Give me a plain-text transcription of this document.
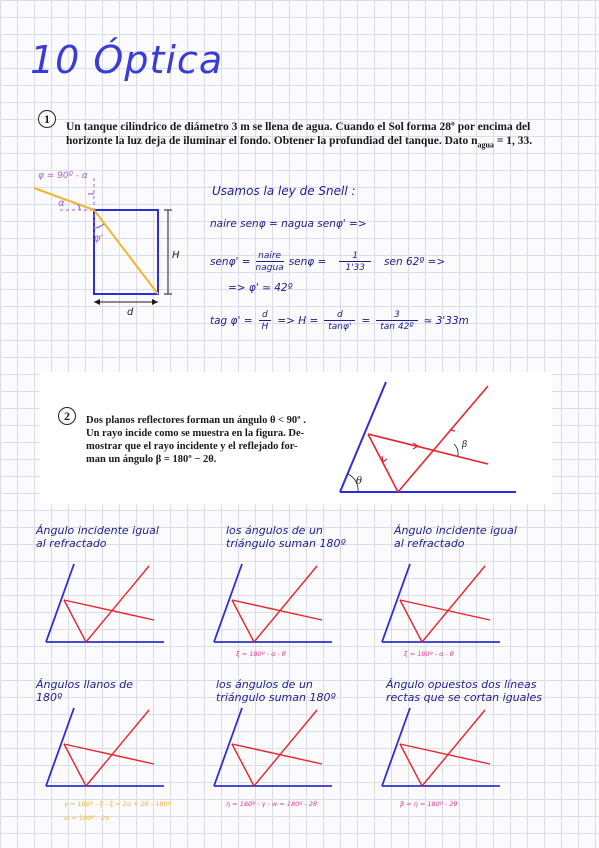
10 Óptica
1
Un tanque cilíndrico de diámetro 3 m se llena de agua. Cuando el Sol forma 28º por encima del
horizonte la luz deja de iluminar el fondo. Obtener la profundiad del tanque. Dato $n_{agua} = 1$, 33.
φ = 90º - α
α
φ'
H
d
Usamos la ley de Snell :
naire senφ = nagua senφ' =>
senφ' = naire
nagua $sen\varphi = \frac{1}{1'33}$ sen 62º =>
=> φ' ≃ 42º
tag $\varphi' = \frac{d}{H} => H = \frac{d}{\tan\varphi'} = \frac{3}{\text{tan 42º}}$ ≃ 3'33m
2	Dos planos reflectores forman un ángulo θ < 90º .
Un rayo incide como se muestra en la figura. De-
mostrar que el rayo incidente y el reflejado for-
man un ángulo β = 180º − 2θ.
θ
β
Ángulo incidente igual
al refractado
los ángulos de un
triángulo suman 180º
Ángulo incidente igual
al refractado
Ángulos llanos de
180º
los ángulos de un
triángulo suman 180º
Ángulo opuestos dos líneas
rectas que se cortan iguales
ξ = 180º - α - θ	ξ = 180º - α - θ
γ = 180º - ξ - ξ = 2α + 2θ - 180º
w = 180º - 2α
η = 180º - γ - w = 180º - 2θ	β = η = 180º - 2θ
